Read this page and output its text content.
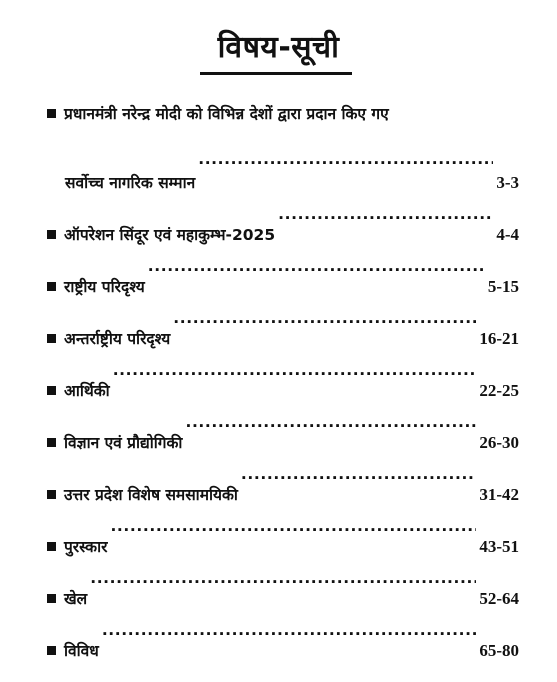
विषय-सूची
प्रधानमंत्री नरेन्द्र मोदी को विभिन्न देशों द्वारा प्रदान किए गए
सर्वोच्च नागरिक सम्मान .....	3-3
ऑपरेशन सिंदूर एवं महाकुम्भ-2025 .....	4-4
राष्ट्रीय परिदृश्य .....	5-15
अन्तर्राष्ट्रीय परिदृश्य .....	16-21
आर्थिकी .....	22-25
विज्ञान एवं प्रौद्योगिकी .....	26-30
उत्तर प्रदेश विशेष समसामयिकी .....	31-42
पुरस्कार .....	43-51
खेल .....	52-64
विविध .....	65-80
